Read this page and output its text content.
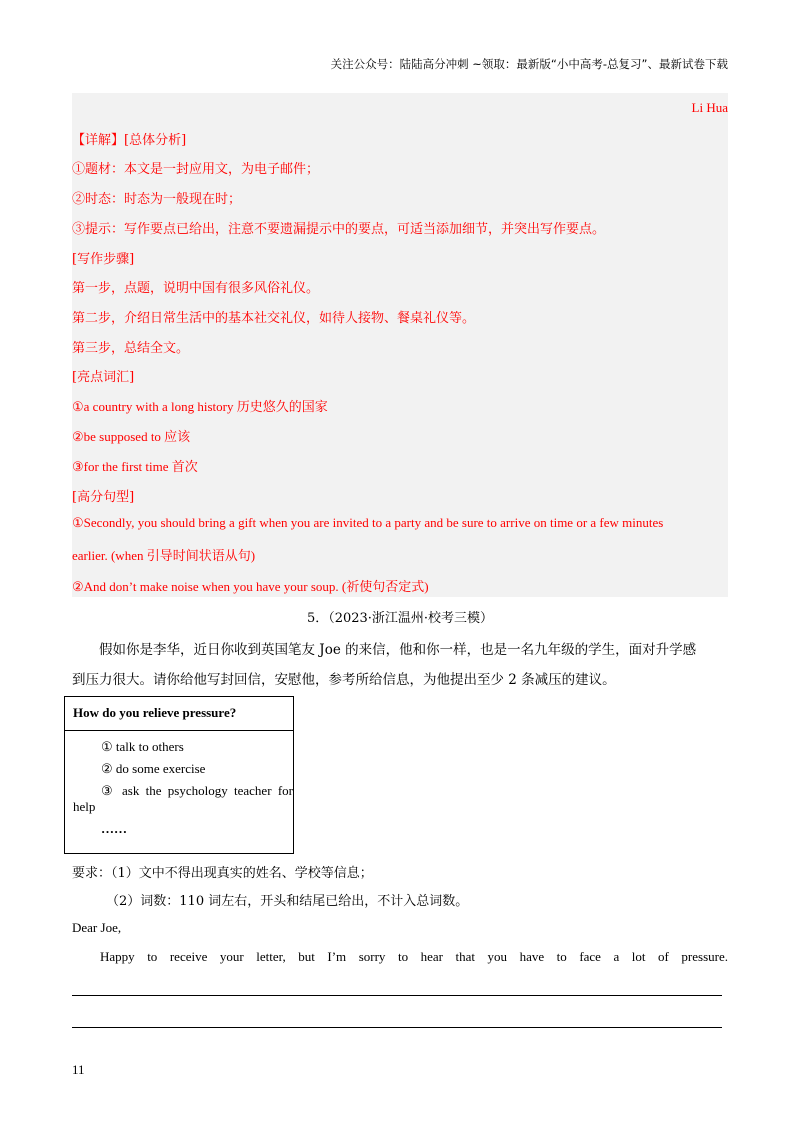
关注公众号：陆陆高分冲刺 ~领取：最新版“小中高考-总复习”、最新试卷下载
Li Hua
【详解】[总体分析]
①题材：本文是一封应用文，为电子邮件；
②时态：时态为一般现在时；
③提示：写作要点已给出，注意不要遗漏提示中的要点，可适当添加细节，并突出写作要点。
[写作步骤]
第一步，点题，说明中国有很多风俗礼仪。
第二步，介绍日常生活中的基本社交礼仪，如待人接物、餐桌礼仪等。
第三步，总结全文。
[亮点词汇]
①a country with a long history 历史悠久的国家
②be supposed to 应该
③for the first time 首次
[高分句型]
①Secondly, you should bring a gift when you are invited to a party and be sure to arrive on time or a few minutes
earlier. (when 引导时间状语从句)
②And don’t make noise when you have your soup. (祈使句否定式)
5．（2023·浙江温州·校考三模）
假如你是李华，近日你收到英国笔友 Joe 的来信，他和你一样，也是一名九年级的学生，面对升学感
到压力很大。请你给他写封回信，安慰他，参考所给信息，为他提出至少 2 条减压的建议。
How do you relieve pressure?
① talk to others
② do some exercise
③ ask the psychology teacher for help
……
要求：（1）文中不得出现真实的姓名、学校等信息；
（2）词数：110 词左右，开头和结尾已给出，不计入总词数。
Dear Joe,
Happy to receive your letter, but I’m sorry to hear that you have to face a lot of pressure.
11
